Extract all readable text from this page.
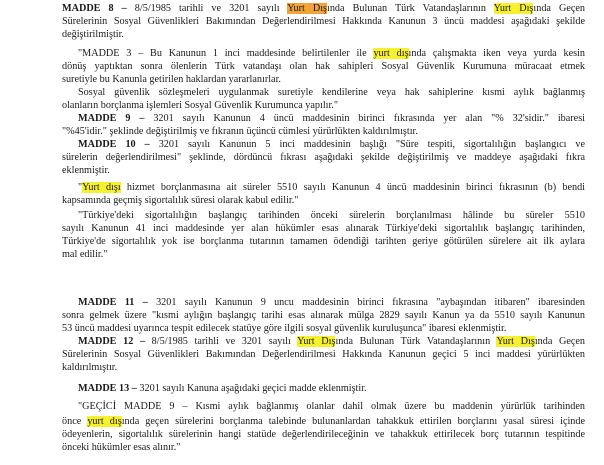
MADDE 8 – 8/5/1985 tarihli ve 3201 sayılı Yurt Dışında Bulunan Türk Vatandaşlarının Yurt Dışında Geçen
Sürelerinin Sosyal Güvenlikleri Bakımından Değerlendirilmesi Hakkında Kanunun 3 üncü maddesi aşağıdaki şekilde
değiştirilmiştir.
"MADDE 3 – Bu Kanunun 1 inci maddesinde belirtilenler ile yurt dışında çalışmakta iken veya yurda kesin
dönüş yaptıktan sonra ölenlerin Türk vatandaşı olan hak sahipleri Sosyal Güvenlik Kurumuna müracaat etmek
suretiyle bu Kanunla getirilen haklardan yararlanırlar.
Sosyal güvenlik sözleşmeleri uygulanmak suretiyle kendilerine veya hak sahiplerine kısmi aylık bağlanmış
olanların borçlanma işlemleri Sosyal Güvenlik Kurumunca yapılır."
MADDE 9 – 3201 sayılı Kanunun 4 üncü maddesinin birinci fıkrasında yer alan "% 32'sidir." ibaresi
"%45'idir." şeklinde değiştirilmiş ve fıkranın üçüncü cümlesi yürürlükten kaldırılmıştır.
MADDE 10 – 3201 sayılı Kanunun 5 inci maddesinin başlığı "Süre tespiti, sigortalılığın başlangıcı ve
sürelerin değerlendirilmesi" şeklinde, dördüncü fıkrası aşağıdaki şekilde değiştirilmiş ve maddeye aşağıdaki fıkra
eklenmiştir.
"Yurt dışı hizmet borçlanmasına ait süreler 5510 sayılı Kanunun 4 üncü maddesinin birinci fıkrasının (b) bendi
kapsamında geçmiş sigortalılık süresi olarak kabul edilir."
"Türkiye'deki sigortalılığın başlangıç tarihinden önceki sürelerin borçlanılması hâlinde bu süreler 5510
sayılı Kanunun 41 inci maddesinde yer alan hükümler esas alınarak Türkiye'deki sigortalılık başlangıç tarihinden,
Türkiye'de sigortalılık yok ise borçlanma tutarının tamamen ödendiği tarihten geriye götürülen sürelere ait ilk aylara
mal edilir."
MADDE 11 – 3201 sayılı Kanunun 9 uncu maddesinin birinci fıkrasına "aybaşından itibaren" ibaresinden
sonra gelmek üzere "kısmi aylığın başlangıç tarihi esas alınarak mülga 2829 sayılı Kanun ya da 5510 sayılı Kanunun
53 üncü maddesi uyarınca tespit edilecek statüye göre ilgili sosyal güvenlik kuruluşunca" ibaresi eklenmiştir.
MADDE 12 – 8/5/1985 tarihli ve 3201 sayılı Yurt Dışında Bulunan Türk Vatandaşlarının Yurt Dışında Geçen
Sürelerinin Sosyal Güvenlikleri Bakımından Değerlendirilmesi Hakkında Kanunun geçici 5 inci maddesi yürürlükten
kaldırılmıştır.
MADDE 13 – 3201 sayılı Kanuna aşağıdaki geçici madde eklenmiştir.
"GEÇİCİ MADDE 9 – Kısmi aylık bağlanmış olanlar dahil olmak üzere bu maddenin yürürlük tarihinden
önce yurt dışında geçen sürelerini borçlanma talebinde bulunanlardan tahakkuk ettirilen borçlarını yasal süresi içinde
ödeyenlerin, sigortalılık sürelerinin hangi statüde değerlendirileceğinin ve tahakkuk ettirilecek borç tutarının tespitinde
önceki hükümler esas alınır."
